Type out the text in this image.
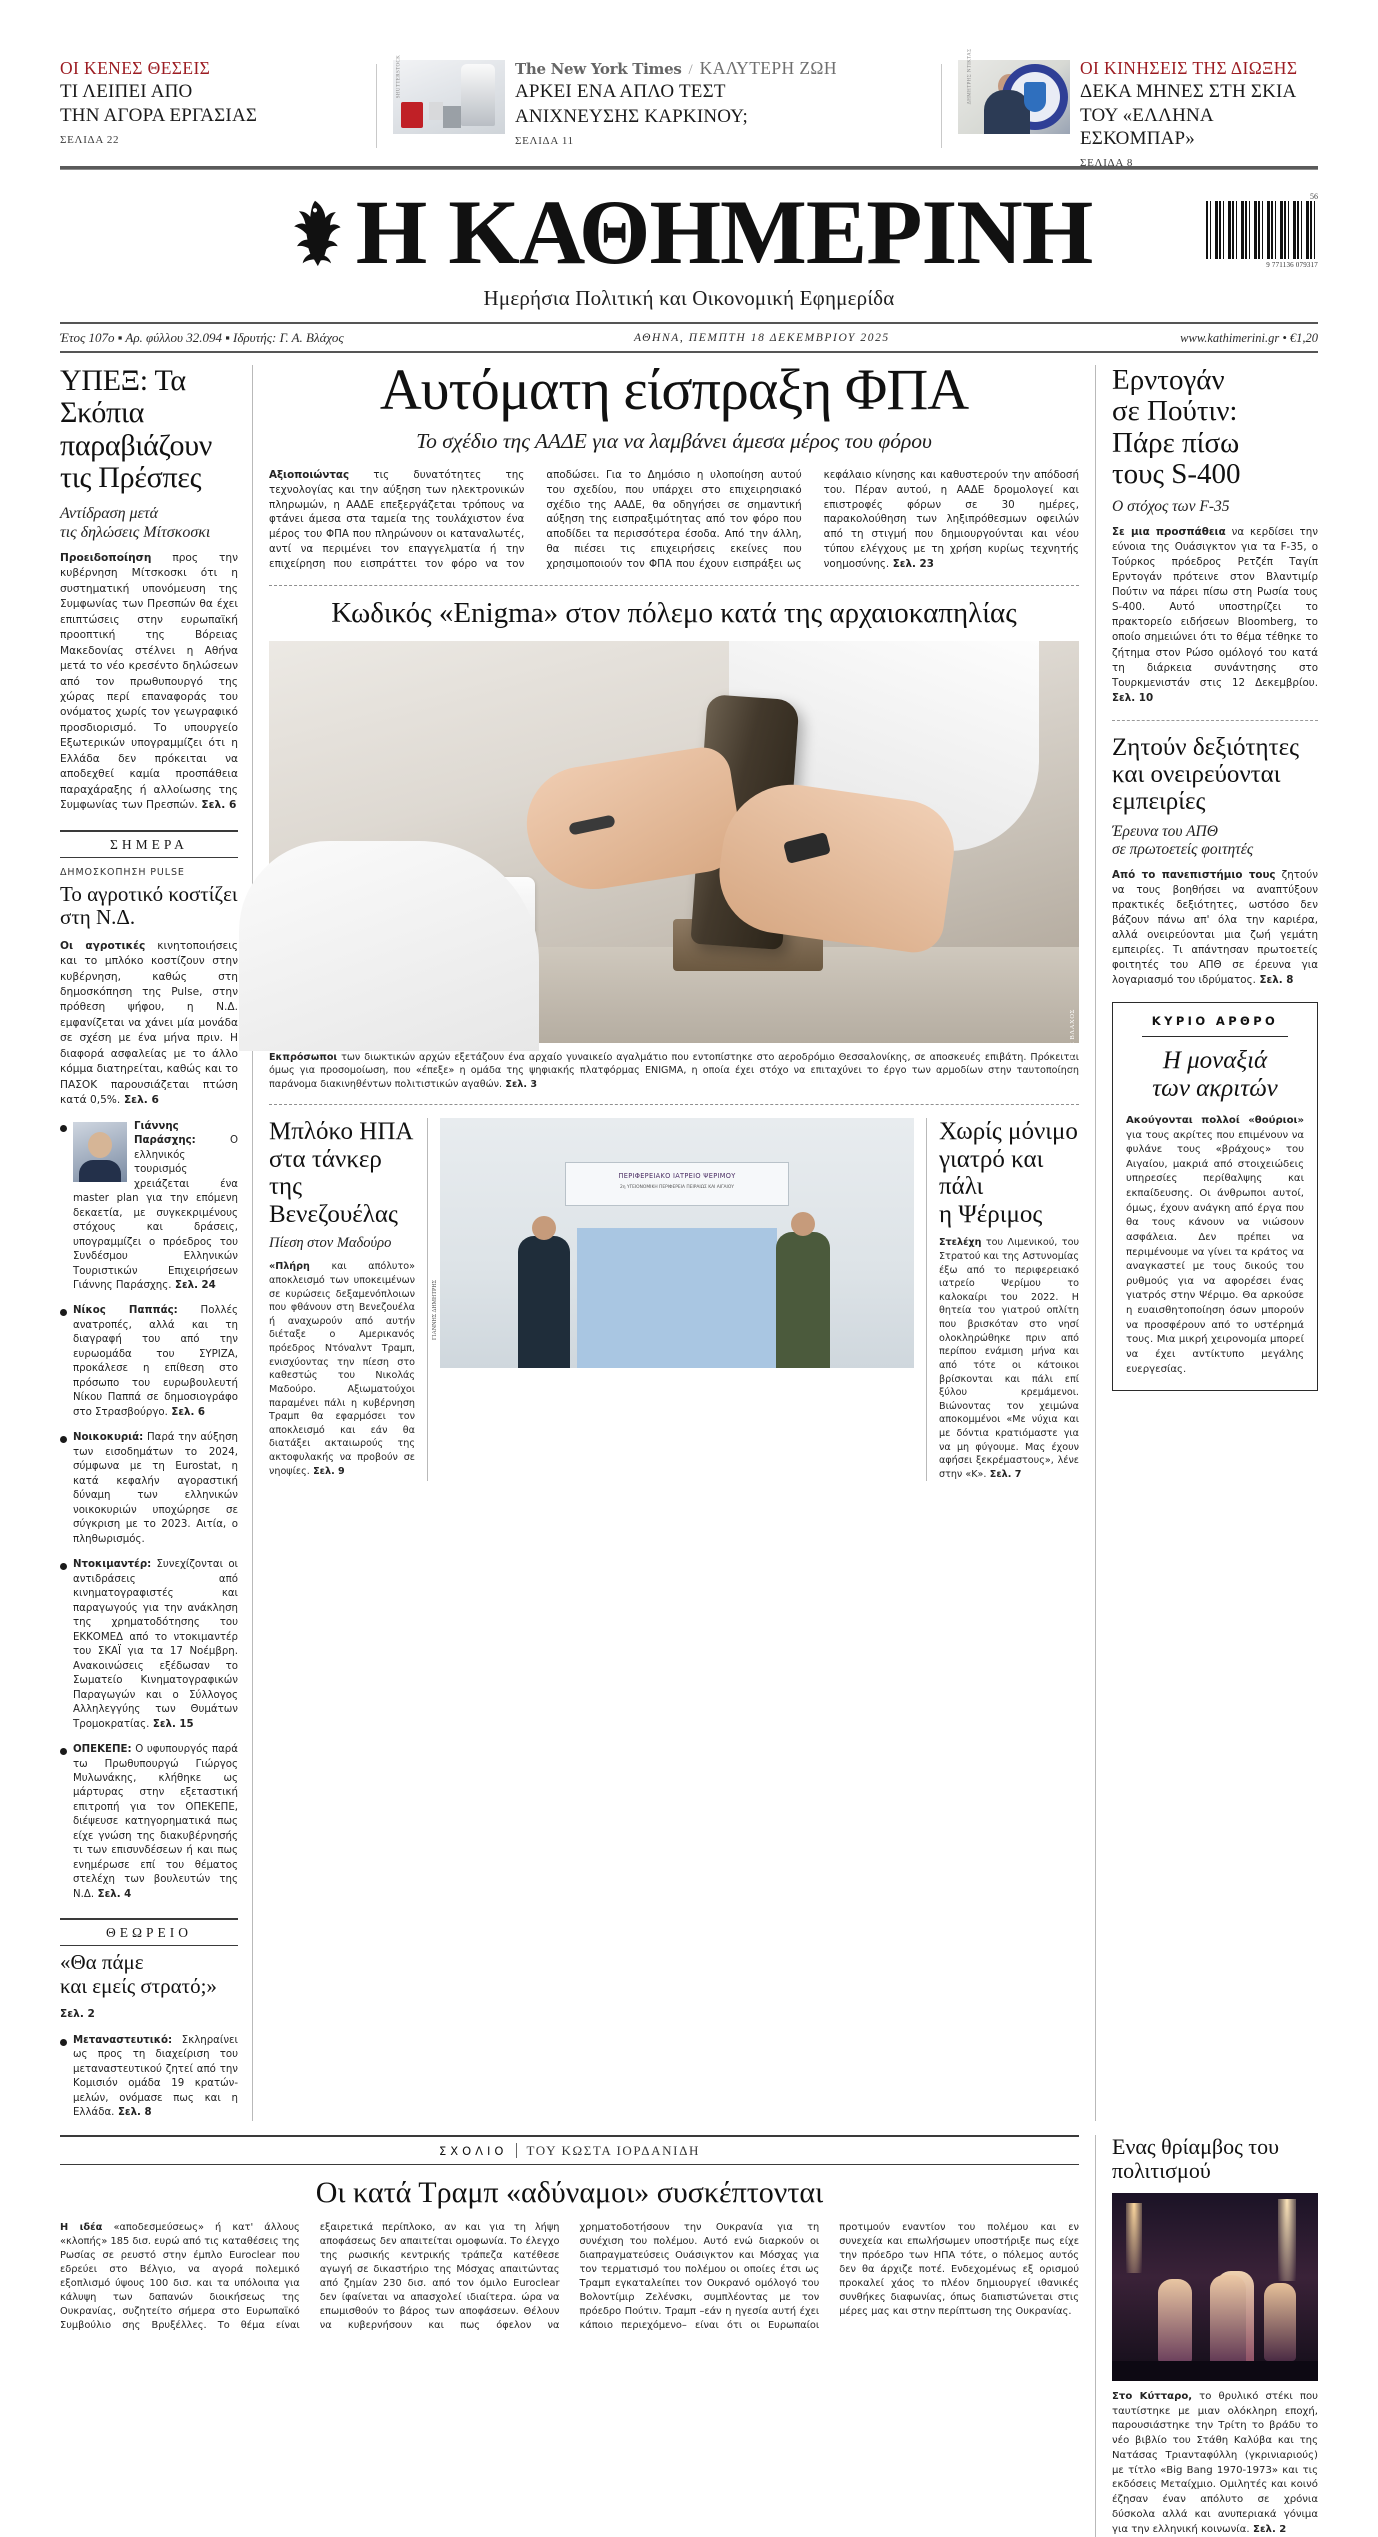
ΟΙ ΚΕΝΕΣ ΘΕΣΕΙΣ
ΤΙ ΛΕΙΠΕΙ ΑΠΟ
ΤΗΝ ΑΓΟΡΑ ΕΡΓΑΣΙΑΣ
ΣΕΛΙΔΑ 22
SHUTTERSTOCK	The New York Times / ΚΑΛΥΤΕΡΗ ΖΩΗ
ΑΡΚΕΙ ΕΝΑ ΑΠΛΟ ΤΕΣΤ
ΑΝΙΧΝΕΥΣΗΣ ΚΑΡΚΙΝΟΥ;
ΣΕΛΙΔΑ 11
ΔΗΜΗΤΡΗΣ ΝΤΙΚΤΑΣ	ΟΙ ΚΙΝΗΣΕΙΣ ΤΗΣ ΔΙΩΞΗΣ
ΔΕΚΑ ΜΗΝΕΣ ΣΤΗ ΣΚΙΑ
ΤΟΥ «ΕΛΛΗΝΑ ΕΣΚΟΜΠΑΡ»
ΣΕΛΙΔΑ 8
Η ΚΑΘΗΜΕΡΙΝΗ	56
9 771136 079317
Ημερήσια Πολιτική και Οικονομική Εφημερίδα
Έτος 107ο ▪ Αρ. φύλλου 32.094 ▪ Ιδρυτής: Γ. Α. Βλάχος	ΑΘΗΝΑ, ΠΕΜΠΤΗ 18 ΔΕΚΕΜΒΡΙΟΥ 2025	www.kathimerini.gr • €1,20
ΥΠΕΞ: Τα Σκόπια παραβιάζουν τις Πρέσπες
Αντίδραση μετά
τις δηλώσεις Μίτσκοσκι
Προειδοποίηση προς την κυβέρνηση Μίτσκοσκι ότι η συστηματική υπονόμευση της Συμφωνίας των Πρεσπών θα έχει επιπτώσεις στην ευρωπαϊκή προοπτική της Βόρειας Μακεδονίας στέλνει η Αθήνα μετά το νέο κρεσέντο δηλώσεων από τον πρωθυπουργό της χώρας περί επαναφοράς του ονόματος χωρίς τον γεωγραφικό προσδιορισμό. Το υπουργείο Εξωτερικών υπογραμμίζει ότι η Ελλάδα δεν πρόκειται να αποδεχθεί καμία προσπάθεια παραχάραξης ή αλλοίωσης της Συμφωνίας των Πρεσπών. Σελ. 6
ΣΗΜΕΡΑ
ΔΗΜΟΣΚΟΠΗΣΗ PULSE
Το αγροτικό κοστίζει στη Ν.Δ.
Οι αγροτικές κινητοποιήσεις και το μπλόκο κοστίζουν στην κυβέρνηση, καθώς στη δημοσκόπηση της Pulse, στην πρόθεση ψήφου, η Ν.Δ. εμφανίζεται να χάνει μία μονάδα σε σχέση με ένα μήνα πριν. Η διαφορά ασφαλείας με το άλλο κόμμα διατηρείται, καθώς και το ΠΑΣΟΚ παρουσιάζεται πτώση κατά 0,5%. Σελ. 6
Γιάννης Παράσχης: Ο ελληνικός τουρισμός χρειάζεται ένα master plan για την επόμενη δεκαετία, με συγκεκριμένους στόχους και δράσεις, υπογραμμίζει ο πρόεδρος του Συνδέσμου Ελληνικών Τουριστικών Επιχειρήσεων Γιάννης Παράσχης. Σελ. 24
Νίκος Παππάς: Πολλές ανατροπές, αλλά και τη διαγραφή του από την ευρωομάδα του ΣΥΡΙΖΑ, προκάλεσε η επίθεση στο πρόσωπο του ευρωβουλευτή Νίκου Παππά σε δημοσιογράφο στο Στρασβούργο. Σελ. 6
Νοικοκυριά: Παρά την αύξηση των εισοδημάτων το 2024, σύμφωνα με τη Eurostat, η κατά κεφαλήν αγοραστική δύναμη των ελληνικών νοικοκυριών υποχώρησε σε σύγκριση με το 2023. Αιτία, ο πληθωρισμός.
Ντοκιμαντέρ: Συνεχίζονται οι αντιδράσεις από κινηματογραφιστές και παραγωγούς για την ανάκληση της χρηματοδότησης του ΕΚΚΟΜΕΔ από το ντοκιμαντέρ του ΣΚΑΪ για τα 17 Νοέμβρη. Ανακοινώσεις εξέδωσαν το Σωματείο Κινηματογραφικών Παραγωγών και ο Σύλλογος Αλληλεγγύης των Θυμάτων Τρομοκρατίας. Σελ. 15
ΟΠΕΚΕΠΕ: Ο υφυπουργός παρά τω Πρωθυπουργώ Γιώργος Μυλωνάκης, κλήθηκε ως μάρτυρας στην εξεταστική επιτροπή για τον ΟΠΕΚΕΠΕ, διέψευσε κατηγορηματικά πως είχε γνώση της διακυβέρνησής τι των επισυνδέσεων ή και πως ενημέρωσε επί του θέματος στελέχη των βουλευτών της Ν.Δ. Σελ. 4
ΘΕΩΡΕΙΟ
«Θα πάμε
και εμείς στρατό;»
Σελ. 2
Μεταναστευτικό: Σκληραίνει ως προς τη διαχείριση του μεταναστευτικού ζητεί από την Κομισιόν ομάδα 19 κρατών-μελών, ονόμασε πως και η Ελλάδα. Σελ. 8
Αυτόματη είσπραξη ΦΠΑ
Το σχέδιο της ΑΑΔΕ για να λαμβάνει άμεσα μέρος του φόρου
Αξιοποιώντας τις δυνατότητες της τεχνολογίας και την αύξηση των ηλεκτρονικών πληρωμών, η ΑΑΔΕ επεξεργάζεται τρόπους να φτάνει άμεσα στα ταμεία της τουλάχιστον ένα μέρος του ΦΠΑ που πληρώνουν οι καταναλωτές, αντί να περιμένει τον επαγγελματία ή την επιχείρηση που εισπράττει τον φόρο να τον αποδώσει. Για το Δημόσιο η υλοποίηση αυτού του σχεδίου, που υπάρχει στο επιχειρησιακό σχέδιο της ΑΑΔΕ, θα οδηγήσει σε σημαντική αύξηση της εισπραξιμότητας από τον φόρο που αποδίδει τα περισσότερα έσοδα. Από την άλλη, θα πιέσει τις επιχειρήσεις εκείνες που χρησιμοποιούν τον ΦΠΑ που έχουν εισπράξει ως κεφάλαιο κίνησης και καθυστερούν την απόδοσή του. Πέραν αυτού, η ΑΑΔΕ δρομολογεί και επιστροφές φόρων σε 30 ημέρες, παρακολούθηση των ληξιπρόθεσμων οφειλών από τη στιγμή που δημιουργούνται και νέου τύπου ελέγχους με τη χρήση κυρίως τεχνητής νοημοσύνης. Σελ. 23
Κωδικός «Enigma» στον πόλεμο κατά της αρχαιοκαπηλίας
ΔΗΜΗΤΡΗΣ ΒΛΑΧΟΣ
Εκπρόσωποι των διωκτικών αρχών εξετάζουν ένα αρχαίο γυναικείο αγαλμάτιο που εντοπίστηκε στο αεροδρόμιο Θεσσαλονίκης, σε αποσκευές επιβάτη. Πρόκειται όμως για προσομοίωση, που «έπεξε» η ομάδα της ψηφιακής πλατφόρμας ENIGMA, η οποία έχει στόχο να επιταχύνει το έργο των αρμοδίων στην ταυτοποίηση παράνομα διακινηθέντων πολιτιστικών αγαθών. Σελ. 3
Μπλόκο ΗΠΑ
στα τάνκερ
της Βενεζουέλας
Πίεση στον Μαδούρο
«Πλήρη και απόλυτο» αποκλεισμό των υποκειμένων σε κυρώσεις δεξαμενόπλοιων που φθάνουν στη Βενεζουέλα ή αναχωρούν από αυτήν διέταξε ο Αμερικανός πρόεδρος Ντόναλντ Τραμπ, ενισχύοντας την πίεση στο καθεστώς του Νικολάς Μαδούρο. Αξιωματούχοι παραμένει πάλι η κυβέρνηση Τραμπ θα εφαρμόσει τον αποκλεισμό και εάν θα διατάξει ακταιωρούς της ακτοφυλακής να προβούν σε νηοψίες. Σελ. 9
ΠΕΡΙΦΕΡΕΙΑΚΟ ΙΑΤΡΕΙΟ ΨΕΡΙΜΟΥ
2η ΥΓΕΙΟΝΟΜΙΚΗ ΠΕΡΙΦΕΡΕΙΑ ΠΕΙΡΑΙΩΣ ΚΑΙ ΑΙΓΑΙΟΥ
ΓΙΑΝΝΗΣ ΔΗΜΗΤΡΗΣ
Χωρίς μόνιμο
γιατρό και πάλι
η Ψέριμος
Στελέχη του Λιμενικού, του Στρατού και της Αστυνομίας έξω από το περιφερειακό ιατρείο Ψερίμου το καλοκαίρι του 2022. Η θητεία του γιατρού οπλίτη που βρισκόταν στο νησί ολοκληρώθηκε πριν από περίπου ενάμιση μήνα και από τότε οι κάτοικοι βρίσκονται και πάλι επί ξύλου κρεμάμενοι. Βιώνοντας τον χειμώνα αποκομμένοι «Με νύχια και με δόντια κρατιόμαστε για να μη φύγουμε. Μας έχουν αφήσει ξεκρέμαστους», λένε στην «Κ». Σελ. 7
Ερντογάν
σε Πούτιν:
Πάρε πίσω
τους S-400
Ο στόχος των F-35
Σε μια προσπάθεια να κερδίσει την εύνοια της Ουάσιγκτον για τα F-35, ο Τούρκος πρόεδρος Ρετζέπ Ταγίπ Ερντογάν πρότεινε στον Βλαντιμίρ Πούτιν να πάρει πίσω στη Ρωσία τους S-400. Αυτό υποστηρίζει το πρακτορείο ειδήσεων Bloomberg, το οποίο σημειώνει ότι το θέμα τέθηκε το ζήτημα στον Ρώσο ομόλογό του κατά τη διάρκεια συνάντησης στο Τουρκμενιστάν στις 12 Δεκεμβρίου. Σελ. 10
Ζητούν δεξιότητες
και ονειρεύονται
εμπειρίες
Έρευνα του ΑΠΘ
σε πρωτοετείς φοιτητές
Από το πανεπιστήμιο τους ζητούν να τους βοηθήσει να αναπτύξουν πρακτικές δεξιότητες, ωστόσο δεν βάζουν πάνω απ' όλα την καριέρα, αλλά ονειρεύονται μια ζωή γεμάτη εμπειρίες. Τι απάντησαν πρωτοετείς φοιτητές του ΑΠΘ σε έρευνα για λογαριασμό του ιδρύματος. Σελ. 8
ΚΥΡΙΟ ΑΡΘΡΟ
Η μοναξιά
των ακριτών
Ακούγονται πολλοί «θούριοι» για τους ακρίτες που επιμένουν να φυλάνε τους «βράχους» του Αιγαίου, μακριά από στοιχειώδεις υπηρεσίες περίθαλψης και εκπαίδευσης. Οι άνθρωποι αυτοί, όμως, έχουν ανάγκη από έργα που θα τους κάνουν να νιώσουν ασφάλεια. Δεν πρέπει να περιμένουμε να γίνει τα κράτος να αναγκαστεί με τους δικούς του ρυθμούς για να αφορέσει ένας γιατρός στην Ψέριμο. Θα αρκούσε η ευαισθητοποίηση όσων μπορούν να προσφέρουν από το υστέρημά τους. Μια μικρή χειρονομία μπορεί να έχει αντίκτυπο μεγάλης ευεργεσίας.
ΣΧΟΛΙΟ ΤΟΥ ΚΩΣΤΑ ΙΟΡΔΑΝΙΔΗ
Οι κατά Τραμπ «αδύναμοι» συσκέπτονται
Η ιδέα «αποδεσμεύσεως» ή κατ' άλλους «κλοπής» 185 δισ. ευρώ από τις καταθέσεις της Ρωσίας σε ρευστό στην έμπλο Euroclear που εδρεύει στο Βέλγιο, να αγορά πολεμικό εξοπλισμό ύψους 100 δισ. και τα υπόλοιπα για κάλυψη των δαπανών διοικήσεως της Ουκρανίας, συζητείτο σήμερα στο Ευρωπαϊκό Συμβούλιο σης Βρυξέλλες. Το θέμα είναι εξαιρετικά περίπλοκο, αν και για τη λήψη αποφάσεως δεν απαιτείται ομοφωνία. Το έλεγχο της ρωσικής κεντρικής τράπεζα κατέθεσε αγωγή σε δικαστήριο της Μόσχας απαιτώντας από ζημίαν 230 δισ. από τον όμιλο Euroclear δεν ίφαίνεται να απασχολεί ιδιαίτερα. ώρα να επωμισθούν το βάρος των αποφάσεων. Θέλουν να κυβερνήσουν και πως όφελον να χρηματοδοτήσουν την Ουκρανία για τη συνέχιση του πολέμου. Αυτό ενώ διαρκούν οι διαπραγματεύσεις Ουάσιγκτον και Μόσχας για τον τερματισμό του πολέμου οι οποίες έτσι ως Τραμπ εγκαταλείπει τον Ουκρανό ομόλογό του Βολοντίμιρ Ζελένσκι, συμπλέοντας με τον πρόεδρο Πούτιν. Τραμπ –εάν η ηγεσία αυτή έχει κάποιο περιεχόμενο– είναι ότι οι Ευρωπαίοι προτιμούν εναντίον του πολέμου και εν συνεχεία και επωλήσωμεν υποστήριξε πως είχε την πρόεδρο των ΗΠΑ τότε, ο πόλεμος αυτός δεν θα άρχιζε ποτέ. Ενδεχομένως εξ ορισμού προκαλεί χάος το πλέον δημιουργεί ιθανικές συνθήκες διαφωνίας, όπως διαπιστώνεται στις μέρες μας και στην περίπτωση της Ουκρανίας.
Ενας θρίαμβος του πολιτισμού
Στο Κύτταρο, το θρυλικό στέκι που ταυτίστηκε με μιαν ολόκληρη εποχή, παρουσιάστηκε την Τρίτη το βράδυ το νέο βιβλίο του Στάθη Καλύβα και της Νατάσας Τριανταφύλλη (γκρινιαριούς) με τίτλο «Big Bang 1970-1973» και τις εκδόσεις Μεταίχμιο. Ομιλητές και κοινό έζησαν έναν απόλυτο σε χρόνια δύσκολα αλλά και ανυπεριακά γόνιμα για την ελληνική κοινωνία. Σελ. 2
